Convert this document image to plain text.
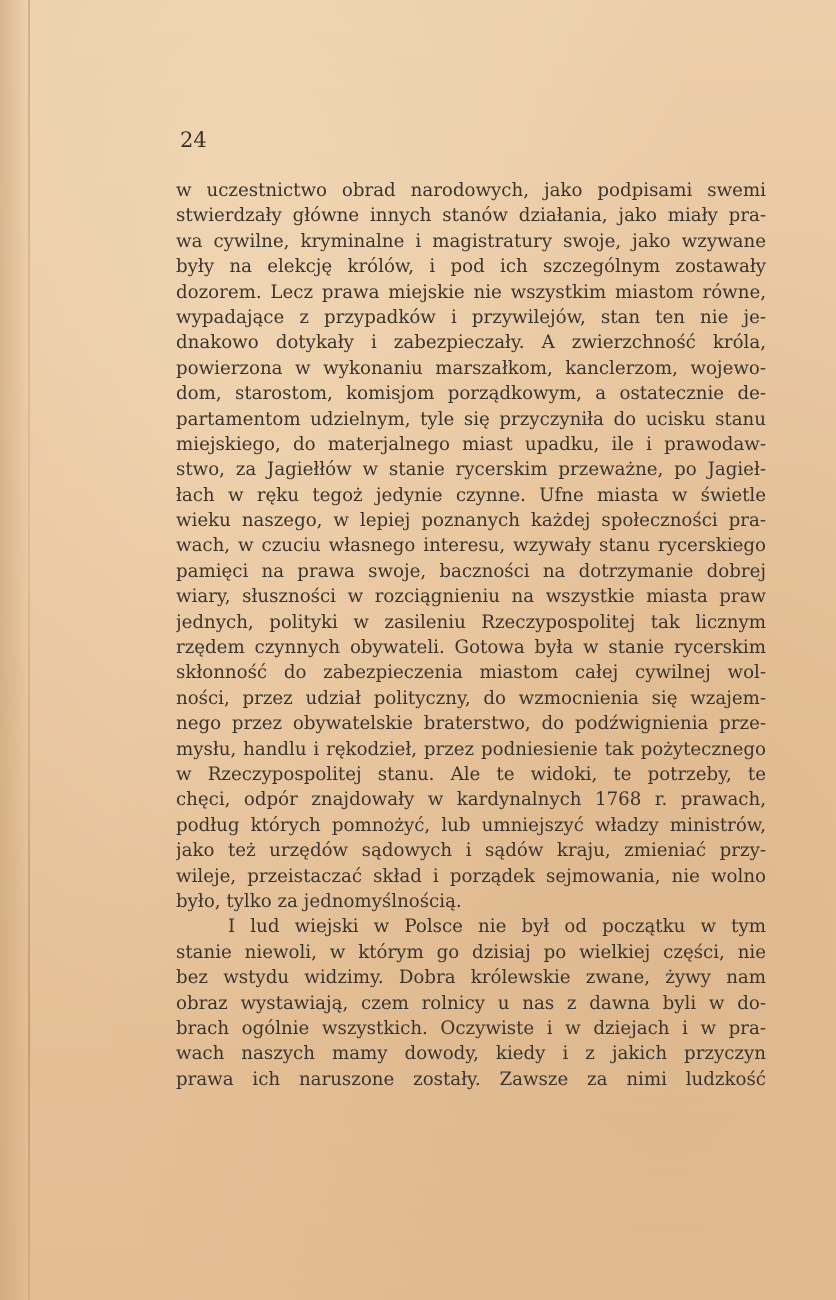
24
w uczestnictwo obrad narodowych, jako podpisami swemi
stwierdzały główne innych stanów działania, jako miały pra-
wa cywilne, kryminalne i magistratury swoje, jako wzywane
były na elekcję królów, i pod ich szczególnym zostawały
dozorem. Lecz prawa miejskie nie wszystkim miastom równe,
wypadające z przypadków i przywilejów, stan ten nie je-
dnakowo dotykały i zabezpieczały. A zwierzchność króla,
powierzona w wykonaniu marszałkom, kanclerzom, wojewo-
dom, starostom, komisjom porządkowym, a ostatecznie de-
partamentom udzielnym, tyle się przyczyniła do ucisku stanu
miejskiego, do materjalnego miast upadku, ile i prawodaw-
stwo, za Jagiełłów w stanie rycerskim przeważne, po Jagieł-
łach w ręku tegoż jedynie czynne. Ufne miasta w świetle
wieku naszego, w lepiej poznanych każdej społeczności pra-
wach, w czuciu własnego interesu, wzywały stanu rycerskiego
pamięci na prawa swoje, baczności na dotrzymanie dobrej
wiary, słuszności w rozciągnieniu na wszystkie miasta praw
jednych, polityki w zasileniu Rzeczypospolitej tak licznym
rzędem czynnych obywateli. Gotowa była w stanie rycerskim
skłonność do zabezpieczenia miastom całej cywilnej wol-
ności, przez udział polityczny, do wzmocnienia się wzajem-
nego przez obywatelskie braterstwo, do podźwignienia prze-
mysłu, handlu i rękodzieł, przez podniesienie tak pożytecznego
w Rzeczypospolitej stanu. Ale te widoki, te potrzeby, te
chęci, odpór znajdowały w kardynalnych 1768 r. prawach,
podług których pomnożyć, lub umniejszyć władzy ministrów,
jako też urzędów sądowych i sądów kraju, zmieniać przy-
wileje, przeistaczać skład i porządek sejmowania, nie wolno
było, tylko za jednomyślnością.
I lud wiejski w Polsce nie był od początku w tym
stanie niewoli, w którym go dzisiaj po wielkiej części, nie
bez wstydu widzimy. Dobra królewskie zwane, żywy nam
obraz wystawiają, czem rolnicy u nas z dawna byli w do-
brach ogólnie wszystkich. Oczywiste i w dziejach i w pra-
wach naszych mamy dowody, kiedy i z jakich przyczyn
prawa ich naruszone zostały. Zawsze za nimi ludzkość
